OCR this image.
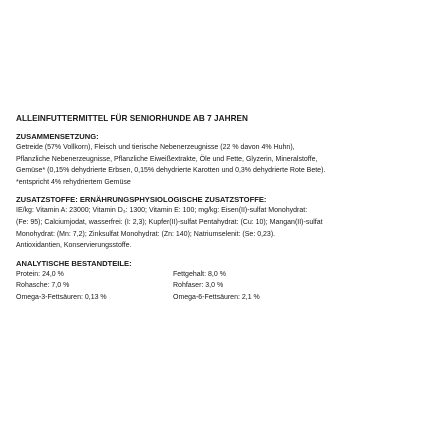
ALLEINFUTTERMITTEL FÜR SENIORHUNDE AB 7 JAHREN

ZUSAMMENSETZUNG:

Getreide (57% Vollkorn), Fleisch und tierische Nebenerzeugnisse (22 % davon 4% Huhn),

Pflanzliche Nebenerzeugnisse, Pflanzliche Eiweißextrakte, Öle und Fette, Glyzerin, Mineralstoffe,

Gemüse* (0,15% dehydrierte Erbsen, 0,15% dehydrierte Karotten und 0,3% dehydrierte Rote Bete).

*entspricht 4% rehydriertem Gemüse

ZUSATZSTOFFE: ERNÄHRUNGSPHYSIOLOGISCHE ZUSATZSTOFFE:

IE/kg: Vitamin A: 23000; Vitamin D₃: 1300; Vitamin E: 100; mg/kg: Eisen(II)-sulfat Monohydrat:

(Fe: 95); Calciumjodat, wasserfrei: (I: 2,3); Kupfer(II)-sulfat Pentahydrat: (Cu: 10); Mangan(II)-sulfat

Monohydrat: (Mn: 7,2); Zinksulfat Monohydrat: (Zn: 140); Natriumselenit: (Se: 0,23).

Antioxidantien, Konservierungsstoffe.

ANALYTISCHE BESTANDTEILE:

Protein: 24,0 %	Fettgehalt: 8,0 %
Rohasche: 7,0 %	Rohfaser: 3,0 %
Omega-3-Fettsäuren: 0,13 %	Omega-6-Fettsäuren: 2,1 %
